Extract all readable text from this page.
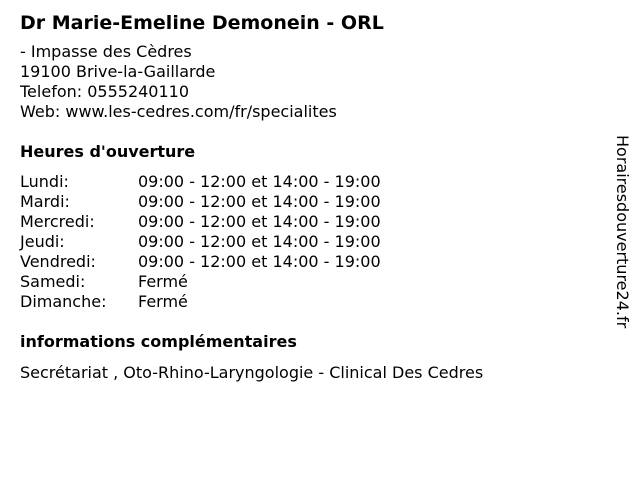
Dr Marie-Emeline Demonein - ORL
- Impasse des Cèdres
19100 Brive-la-Gaillarde
Telefon: 0555240110
Web: www.les-cedres.com/fr/specialites
Heures d'ouverture
Lundi:	09:00 - 12:00 et 14:00 - 19:00
Mardi:	09:00 - 12:00 et 14:00 - 19:00
Mercredi:	09:00 - 12:00 et 14:00 - 19:00
Jeudi:	09:00 - 12:00 et 14:00 - 19:00
Vendredi:	09:00 - 12:00 et 14:00 - 19:00
Samedi:	Fermé
Dimanche:	Fermé
informations complémentaires
Secrétariat , Oto-Rhino-Laryngologie - Clinical Des Cedres
Horairesdouverture24.fr
